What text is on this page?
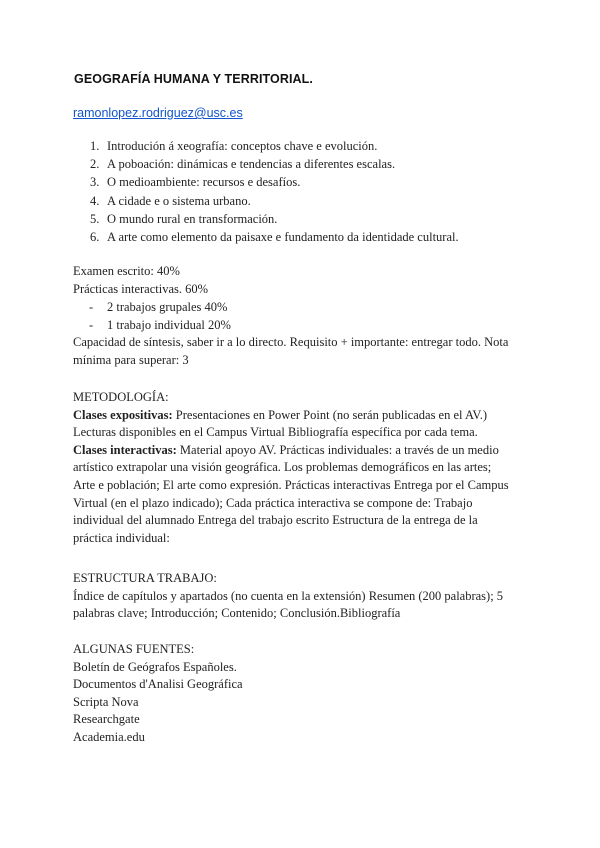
GEOGRAFÍA HUMANA Y TERRITORIAL.
ramonlopez.rodriguez@usc.es
1. Introdución á xeografía: conceptos chave e evolución.
2. A poboación: dinámicas e tendencias a diferentes escalas.
3. O medioambiente: recursos e desafíos.
4. A cidade e o sistema urbano.
5. O mundo rural en transformación.
6. A arte como elemento da paisaxe e fundamento da identidade cultural.
Examen escrito: 40%
Prácticas interactivas. 60%
- 2 trabajos grupales 40%
- 1 trabajo individual 20%
Capacidad de síntesis, saber ir a lo directo. Requisito + importante: entregar todo. Nota
mínima para superar: 3
METODOLOGÍA:
Clases expositivas: Presentaciones en Power Point (no serán publicadas en el AV.)
Lecturas disponibles en el Campus Virtual Bibliografía específica por cada tema.
Clases interactivas: Material apoyo AV. Prácticas individuales: a través de un medio
artístico extrapolar una visión geográfica. Los problemas demográficos en las artes;
Arte e población; El arte como expresión. Prácticas interactivas Entrega por el Campus
Virtual (en el plazo indicado); Cada práctica interactiva se compone de: Trabajo
individual del alumnado Entrega del trabajo escrito Estructura de la entrega de la
práctica individual:
ESTRUCTURA TRABAJO:
Índice de capítulos y apartados (no cuenta en la extensión) Resumen (200 palabras); 5
palabras clave; Introducción; Contenido; Conclusión.Bibliografía
ALGUNAS FUENTES:
Boletín de Geógrafos Españoles.
Documentos d'Analisi Geográfica
Scripta Nova
Researchgate
Academia.edu
